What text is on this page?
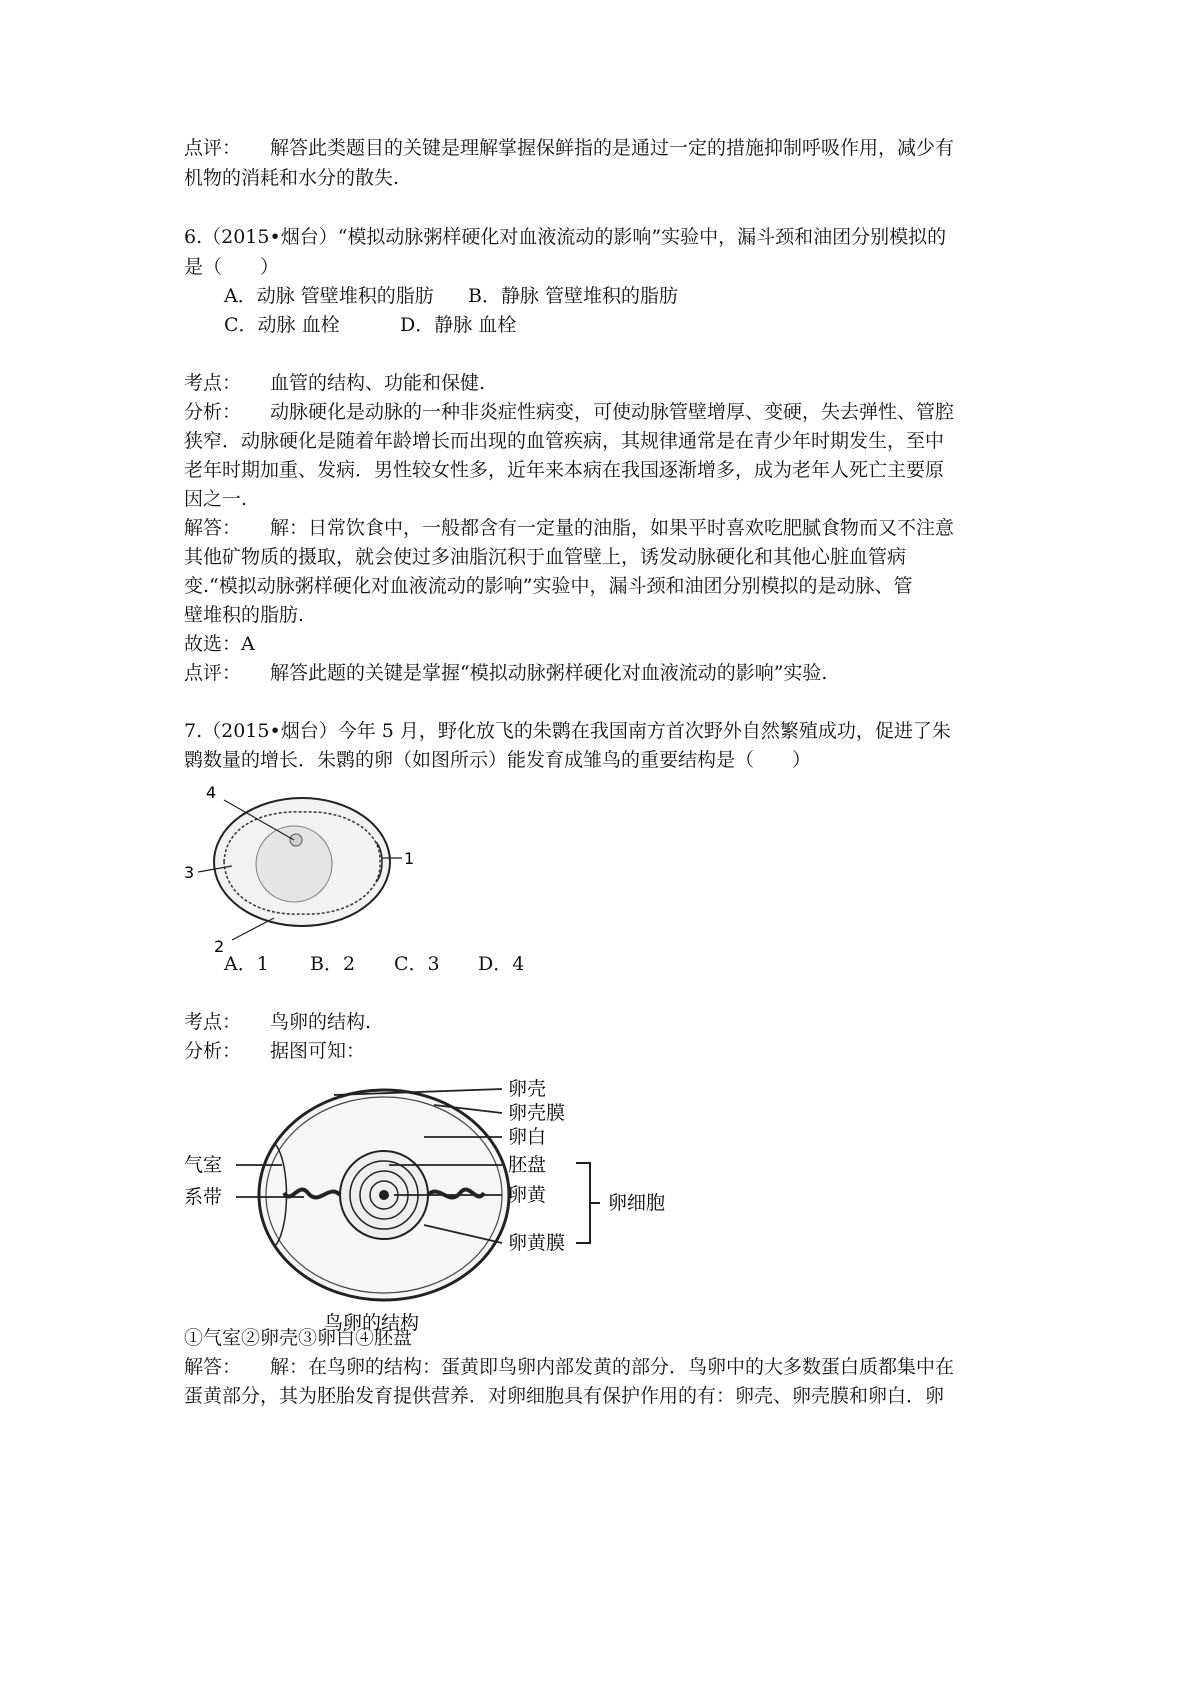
点评： 解答此类题目的关键是理解掌握保鲜指的是通过一定的措施抑制呼吸作用，减少有
机物的消耗和水分的散失.
6.（2015•烟台）“模拟动脉粥样硬化对血液流动的影响”实验中，漏斗颈和油团分别模拟的
是（　　）
A．动脉 管壁堆积的脂肪 B．静脉 管壁堆积的脂肪
C．动脉 血栓	D．静脉 血栓
考点： 血管的结构、功能和保健.
分析： 动脉硬化是动脉的一种非炎症性病变，可使动脉管壁增厚、变硬，失去弹性、管腔
狭窄．动脉硬化是随着年龄增长而出现的血管疾病，其规律通常是在青少年时期发生，至中
老年时期加重、发病．男性较女性多，近年来本病在我国逐渐增多，成为老年人死亡主要原
因之一.
解答： 解：日常饮食中，一般都含有一定量的油脂，如果平时喜欢吃肥腻食物而又不注意
其他矿物质的摄取，就会使过多油脂沉积于血管壁上，诱发动脉硬化和其他心脏血管病
变.“模拟动脉粥样硬化对血液流动的影响”实验中，漏斗颈和油团分别模拟的是动脉、管
壁堆积的脂肪.
故选：A
点评： 解答此题的关键是掌握“模拟动脉粥样硬化对血液流动的影响”实验.
7.（2015•烟台）今年 5 月，野化放飞的朱鹮在我国南方首次野外自然繁殖成功，促进了朱
鹮数量的增长．朱鹮的卵（如图所示）能发育成雏鸟的重要结构是（　　）
1
2
3
4
A．1 B．2 C．3 D．4
考点： 鸟卵的结构.
分析： 据图可知：
卵壳
卵壳膜
卵白
胚盘
卵黄
卵黄膜
气室
系带	卵细胞
鸟卵的结构
①气室②卵壳③卵白④胚盘
解答： 解：在鸟卵的结构：蛋黄即鸟卵内部发黄的部分．鸟卵中的大多数蛋白质都集中在
蛋黄部分，其为胚胎发育提供营养．对卵细胞具有保护作用的有：卵壳、卵壳膜和卵白．卵
